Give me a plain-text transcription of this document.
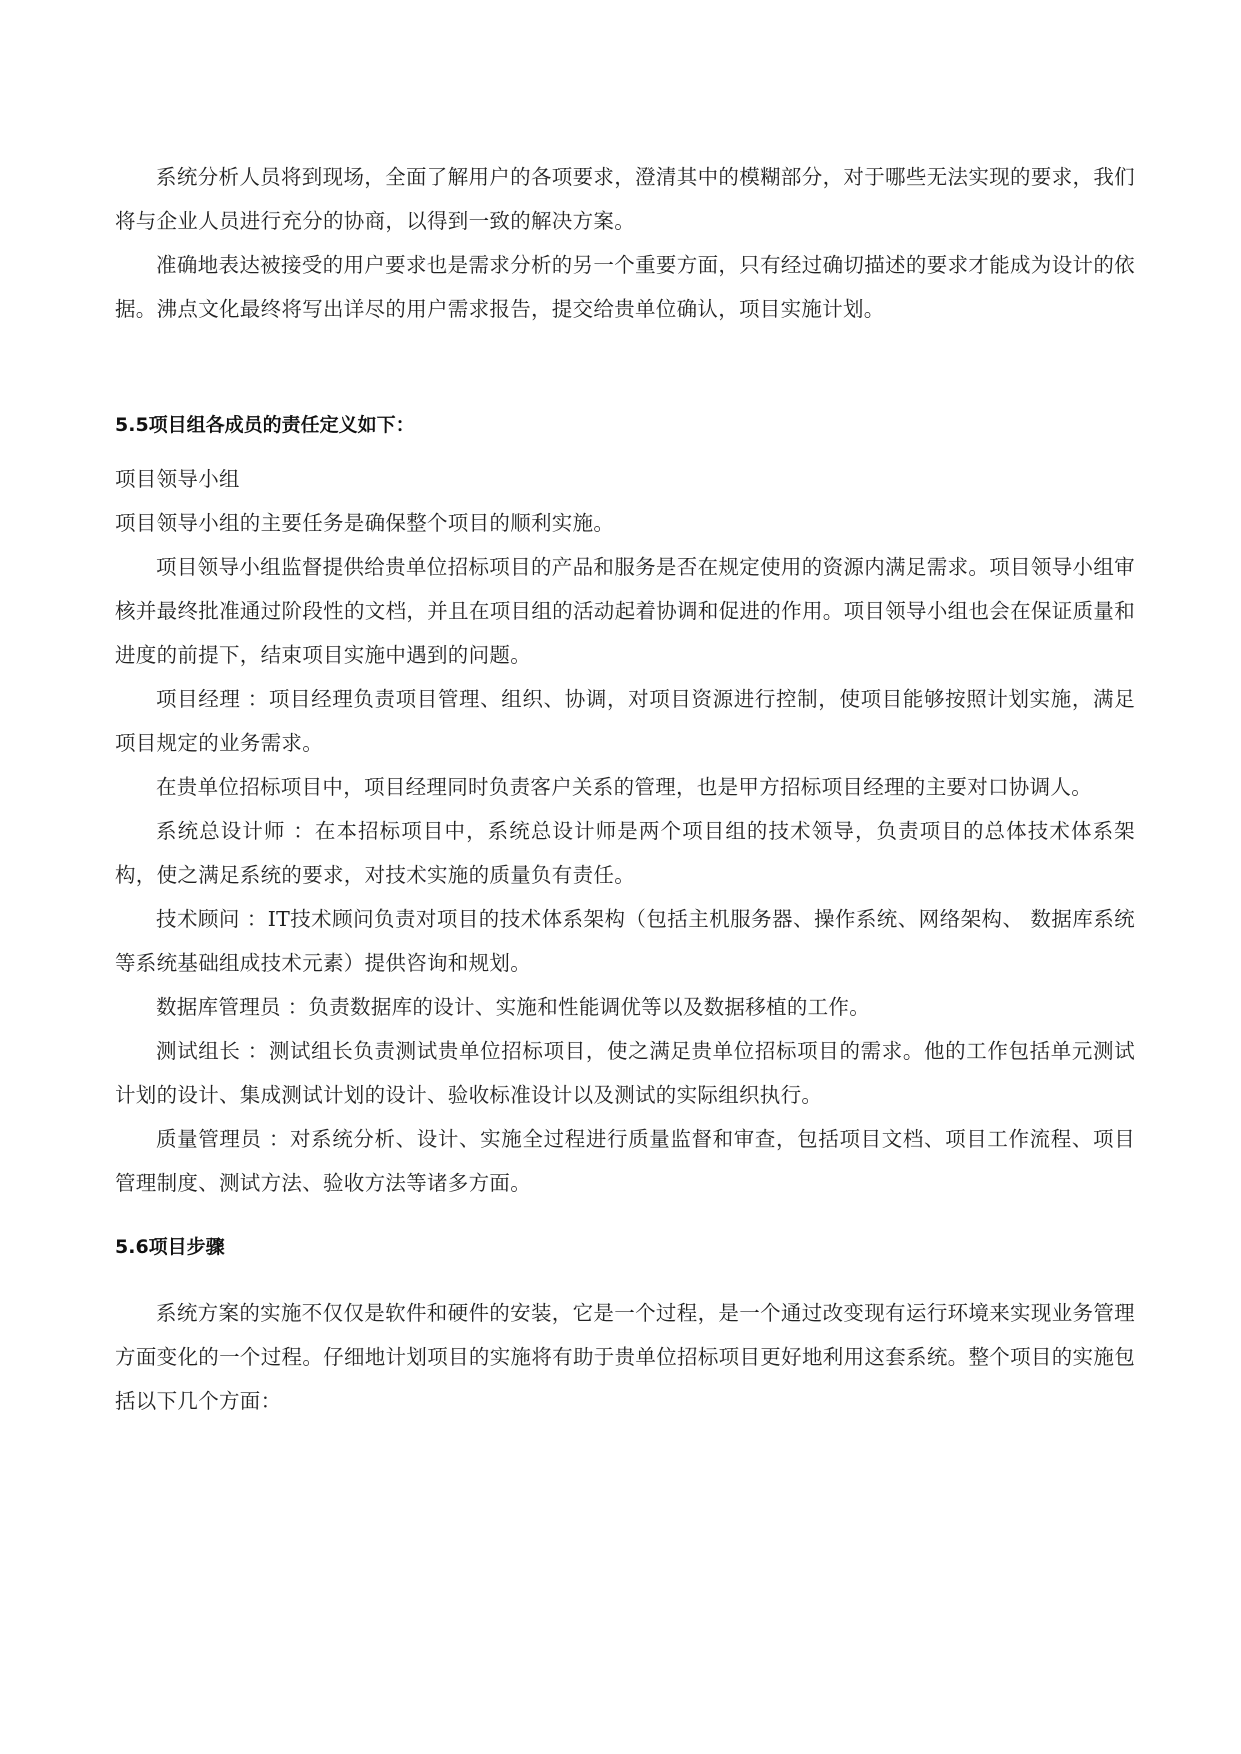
系统分析人员将到现场，全面了解用户的各项要求，澄清其中的模糊部分，对于哪些无法实现的要求，我们将与企业人员进行充分的协商，以得到一致的解决方案。

准确地表达被接受的用户要求也是需求分析的另一个重要方面，只有经过确切描述的要求才能成为设计的依据。沸点文化最终将写出详尽的用户需求报告，提交给贵单位确认，项目实施计划。

5.5项目组各成员的责任定义如下：

项目领导小组

项目领导小组的主要任务是确保整个项目的顺利实施。

项目领导小组监督提供给贵单位招标项目的产品和服务是否在规定使用的资源内满足需求。项目领导小组审核并最终批准通过阶段性的文档，并且在项目组的活动起着协调和促进的作用。项目领导小组也会在保证质量和进度的前提下，结束项目实施中遇到的问题。

项目经理 ：项目经理负责项目管理、组织、协调，对项目资源进行控制，使项目能够按照计划实施，满足项目规定的业务需求。

在贵单位招标项目中，项目经理同时负责客户关系的管理，也是甲方招标项目经理的主要对口协调人。

系统总设计师 ：在本招标项目中，系统总设计师是两个项目组的技术领导，负责项目的总体技术体系架构，使之满足系统的要求，对技术实施的质量负有责任。

技术顾问 ：IT技术顾问负责对项目的技术体系架构（包括主机服务器、操作系统、网络架构、 数据库系统等系统基础组成技术元素）提供咨询和规划。

数据库管理员 ：负责数据库的设计、实施和性能调优等以及数据移植的工作。

测试组长 ：测试组长负责测试贵单位招标项目，使之满足贵单位招标项目的需求。他的工作包括单元测试计划的设计、集成测试计划的设计、验收标准设计以及测试的实际组织执行。

质量管理员 ：对系统分析、设计、实施全过程进行质量监督和审查，包括项目文档、项目工作流程、项目管理制度、测试方法、验收方法等诸多方面。

5.6项目步骤

系统方案的实施不仅仅是软件和硬件的安装，它是一个过程，是一个通过改变现有运行环境来实现业务管理方面变化的一个过程。仔细地计划项目的实施将有助于贵单位招标项目更好地利用这套系统。整个项目的实施包括以下几个方面：
